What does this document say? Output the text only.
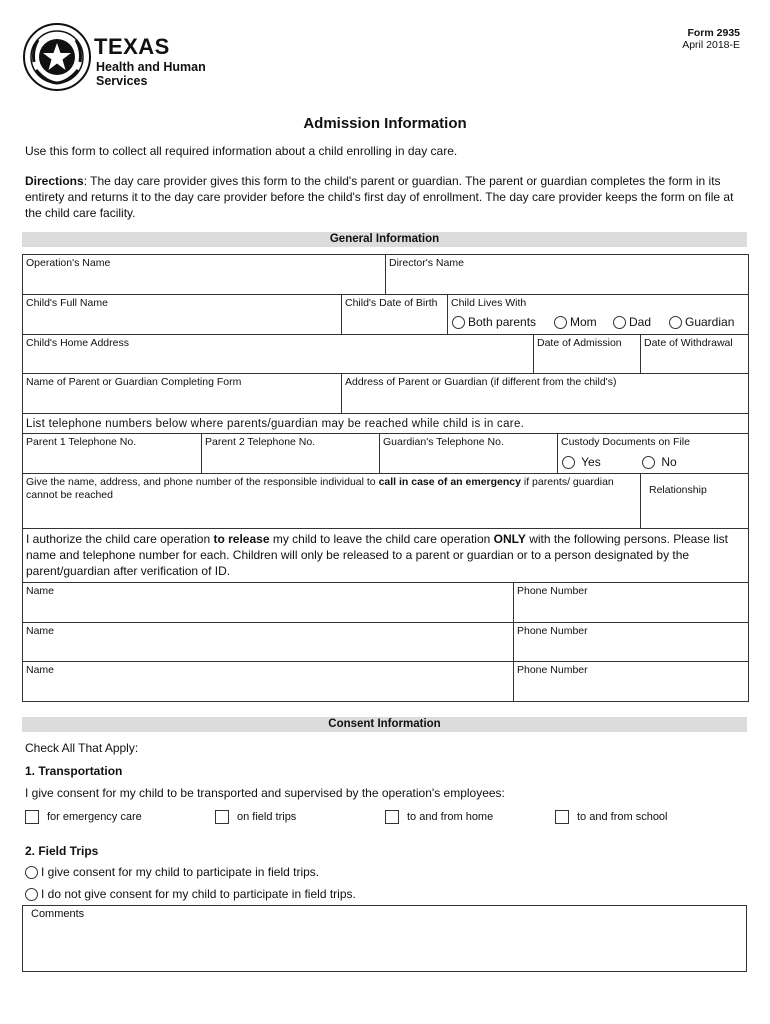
TEXAS
Health and Human
Services
Form 2935
April 2018-E
Admission Information
Use this form to collect all required information about a child enrolling in day care.
Directions: The day care provider gives this form to the child's parent or guardian. The parent or guardian completes the form in its entirety and returns it to the day care provider before the child's first day of enrollment. The day care provider keeps the form on file at the child care facility.
General Information
Operation's Name	Director's Name
Child's Full Name	Child's Date of Birth	Child Lives With
Both parents	Mom	Dad	Guardian
Child's Home Address	Date of Admission	Date of Withdrawal
Name of Parent or Guardian Completing Form	Address of Parent or Guardian (if different from the child's)
List telephone numbers below where parents/guardian may be reached while child is in care.
Parent 1 Telephone No.	Parent 2 Telephone No.	Guardian's Telephone No.	Custody Documents on File
Yes	No
Give the name, address, and phone number of the responsible individual to call in case of an emergency if parents/ guardian cannot be reached	Relationship
I authorize the child care operation to release my child to leave the child care operation ONLY with the following persons. Please list name and telephone number for each. Children will only be released to a parent or guardian or to a person designated by the parent/guardian after verification of ID.
Name	Phone Number
Name	Phone Number
Name	Phone Number
Consent Information
Check All That Apply:
1. Transportation
I give consent for my child to be transported and supervised by the operation's employees:
for emergency care	on field trips	to and from home	to and from school
2. Field Trips
I give consent for my child to participate in field trips.
I do not give consent for my child to participate in field trips.
Comments
